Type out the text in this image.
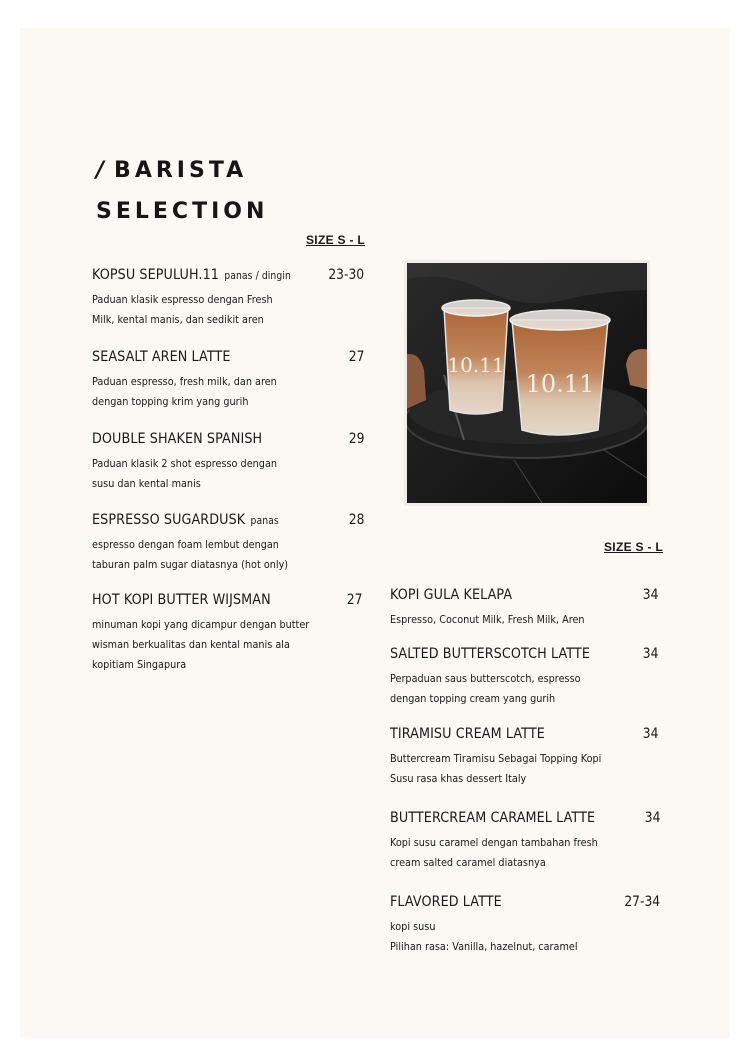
/ BARISTA
SELECTION
SIZE S - L
SIZE S - L
KOPSU SEPULUH.11 panas / dingin	23-30
Paduan klasik espresso dengan Fresh
Milk, kental manis, dan sedikit aren
SEASALT AREN LATTE	27
Paduan espresso, fresh milk, dan aren
dengan topping krim yang gurih
DOUBLE SHAKEN SPANISH	29
Paduan klasik 2 shot espresso dengan
susu dan kental manis
ESPRESSO SUGARDUSK panas	28
espresso dengan foam lembut dengan
taburan palm sugar diatasnya (hot only)
HOT KOPI BUTTER WIJSMAN	27
minuman kopi yang dicampur dengan butter
wisman berkualitas dan kental manis ala
kopitiam Singapura
10.11
10.11
KOPI GULA KELAPA	34
Espresso, Coconut Milk, Fresh Milk, Aren
SALTED BUTTERSCOTCH LATTE	34
Perpaduan saus butterscotch, espresso
dengan topping cream yang gurih
TIRAMISU CREAM LATTE	34
Buttercream Tiramisu Sebagai Topping Kopi
Susu rasa khas dessert Italy
BUTTERCREAM CARAMEL LATTE	34
Kopi susu caramel dengan tambahan fresh
cream salted caramel diatasnya
FLAVORED LATTE	27-34
kopi susu
Pilihan rasa: Vanilla, hazelnut, caramel
